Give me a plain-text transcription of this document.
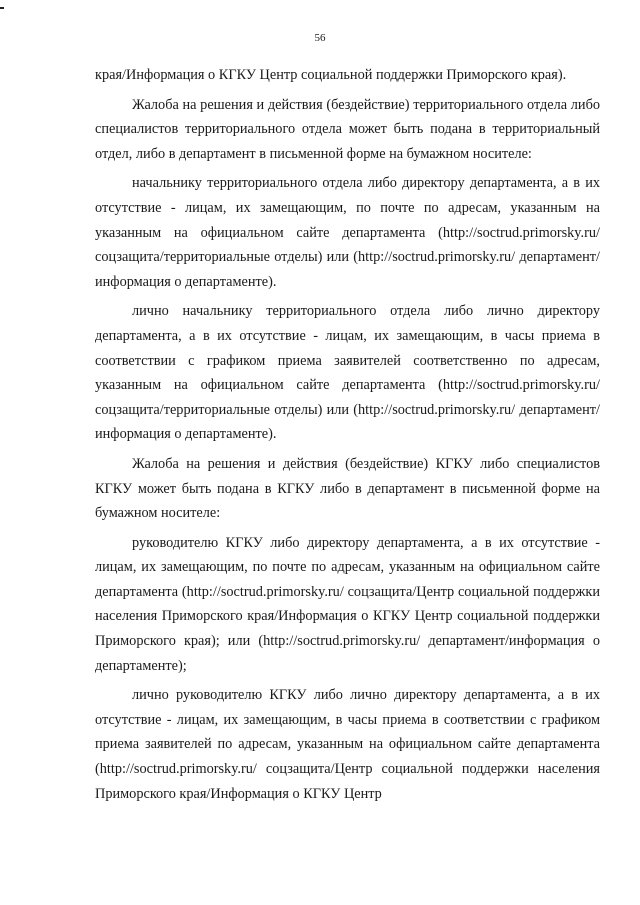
56

края/Информация о КГКУ Центр социальной поддержки Приморского края).

Жалоба на решения и действия (бездействие) территориального отдела либо специалистов территориального отдела может быть подана в территориальный отдел, либо в департамент в письменной форме на бумажном носителе:

начальнику территориального отдела либо директору департамента, а в их отсутствие - лицам, их замещающим, по почте по адресам, указанным на указанным на официальном сайте департамента (http://soctrud.primorsky.ru/ соцзащита/территориальные отделы) или (http://soctrud.primorsky.ru/ департамент/информация о департаменте).

лично начальнику территориального отдела либо лично директору департамента, а в их отсутствие - лицам, их замещающим, в часы приема в соответствии с графиком приема заявителей соответственно по адресам, указанным на официальном сайте департамента (http://soctrud.primorsky.ru/ соцзащита/территориальные отделы) или (http://soctrud.primorsky.ru/ департамент/информация о департаменте).

Жалоба на решения и действия (бездействие) КГКУ либо специалистов КГКУ может быть подана в КГКУ либо в департамент в письменной форме на бумажном носителе:

руководителю КГКУ либо директору департамента, а в их отсутствие - лицам, их замещающим, по почте по адресам, указанным на официальном сайте департамента (http://soctrud.primorsky.ru/ соцзащита/Центр социальной поддержки населения Приморского края/Информация о КГКУ Центр социальной поддержки Приморского края); или (http://soctrud.primorsky.ru/ департамент/информация о департаменте);

лично руководителю КГКУ либо лично директору департамента, а в их отсутствие - лицам, их замещающим, в часы приема в соответствии с графиком приема заявителей по адресам, указанным на официальном сайте департамента (http://soctrud.primorsky.ru/ соцзащита/Центр социальной поддержки населения Приморского края/Информация о КГКУ Центр
